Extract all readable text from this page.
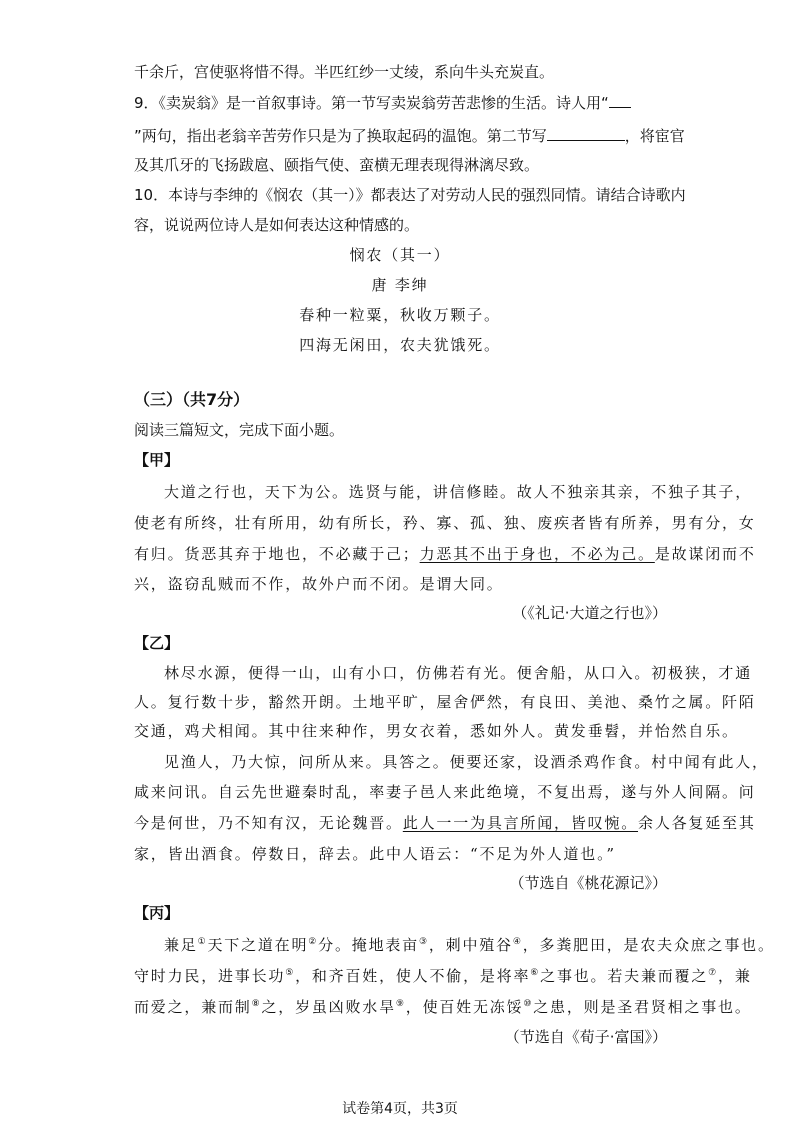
千余斤，宫使驱将惜不得。半匹红纱一丈绫，系向牛头充炭直。
9．《卖炭翁》是一首叙事诗。第一节写卖炭翁劳苦悲惨的生活。诗人用“
”两句，指出老翁辛苦劳作只是为了换取起码的温饱。第二节写	，将宦官
及其爪牙的飞扬跋扈、颐指气使、蛮横无理表现得淋漓尽致。
10．本诗与李绅的《悯农（其一）》都表达了对劳动人民的强烈同情。请结合诗歌内
容，说说两位诗人是如何表达这种情感的。
悯农（其一）
唐 李绅
春种一粒粟，秋收万颗子。
四海无闲田，农夫犹饿死。
（三）（共7分）
阅读三篇短文，完成下面小题。
【甲】
大道之行也，天下为公。选贤与能，讲信修睦。故人不独亲其亲，不独子其子，
使老有所终，壮有所用，幼有所长，矜、寡、孤、独、废疾者皆有所养，男有分，女
有归。货恶其弃于地也，不必藏于己；力恶其不出于身也，不必为己。是故谋闭而不
兴，盗窃乱贼而不作，故外户而不闭。是谓大同。
（《礼记·大道之行也》）
【乙】
林尽水源，便得一山，山有小口，仿佛若有光。便舍船，从口入。初极狭，才通
人。复行数十步，豁然开朗。土地平旷，屋舍俨然，有良田、美池、桑竹之属。阡陌
交通，鸡犬相闻。其中往来种作，男女衣着，悉如外人。黄发垂髫，并怡然自乐。
见渔人，乃大惊，问所从来。具答之。便要还家，设酒杀鸡作食。村中闻有此人，
咸来问讯。自云先世避秦时乱，率妻子邑人来此绝境，不复出焉，遂与外人间隔。问
今是何世，乃不知有汉，无论魏晋。此人一一为具言所闻，皆叹惋。余人各复延至其
家，皆出酒食。停数日，辞去。此中人语云：“不足为外人道也。”
（节选自《桃花源记》）
【丙】
兼足①天下之道在明②分。掩地表亩③，刺中殖谷④，多粪肥田，是农夫众庶之事也。
守时力民，进事长功⑤，和齐百姓，使人不偷，是将率⑥之事也。若夫兼而覆之⑦，兼
而爱之，兼而制⑧之，岁虽凶败水旱⑨，使百姓无冻馁⑩之患，则是圣君贤相之事也。
（节选自《荀子·富国》）
试卷第4页，共3页
